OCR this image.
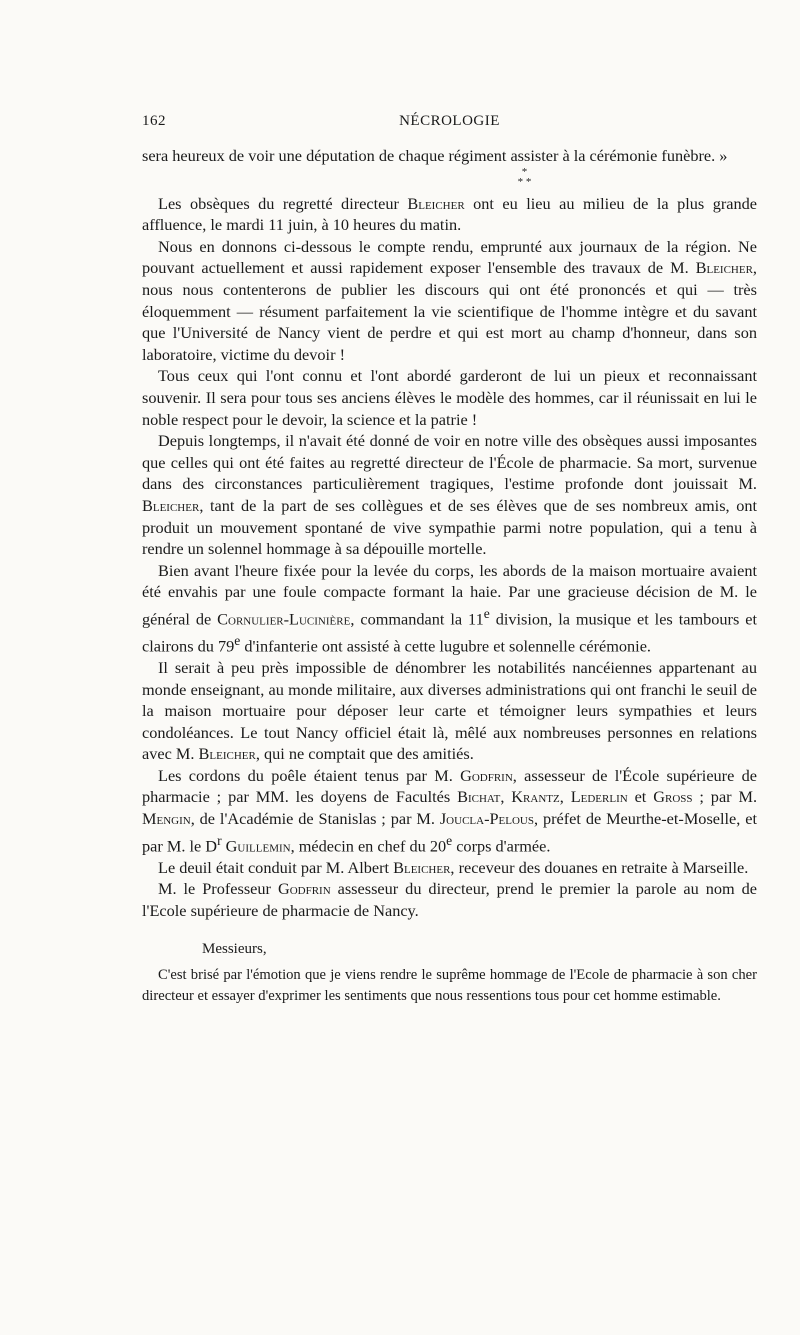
162	NÉCROLOGIE

sera heureux de voir une députation de chaque régiment assister à la cérémonie funèbre. »

*
* *

Les obsèques du regretté directeur Bleicher ont eu lieu au milieu de la plus grande affluence, le mardi 11 juin, à 10 heures du matin.

Nous en donnons ci-dessous le compte rendu, emprunté aux journaux de la région. Ne pouvant actuellement et aussi rapidement exposer l'ensemble des travaux de M. Bleicher, nous nous contenterons de publier les discours qui ont été prononcés et qui — très éloquemment — résument parfaitement la vie scientifique de l'homme intègre et du savant que l'Université de Nancy vient de perdre et qui est mort au champ d'honneur, dans son laboratoire, victime du devoir !

Tous ceux qui l'ont connu et l'ont abordé garderont de lui un pieux et reconnaissant souvenir. Il sera pour tous ses anciens élèves le modèle des hommes, car il réunissait en lui le noble respect pour le devoir, la science et la patrie !

Depuis longtemps, il n'avait été donné de voir en notre ville des obsèques aussi imposantes que celles qui ont été faites au regretté directeur de l'École de pharmacie. Sa mort, survenue dans des circonstances particulièrement tragiques, l'estime profonde dont jouissait M. Bleicher, tant de la part de ses collègues et de ses élèves que de ses nombreux amis, ont produit un mouvement spontané de vive sympathie parmi notre population, qui a tenu à rendre un solennel hommage à sa dépouille mortelle.

Bien avant l'heure fixée pour la levée du corps, les abords de la maison mortuaire avaient été envahis par une foule compacte formant la haie. Par une gracieuse décision de M. le général de Cornulier-Lucinière, commandant la 11e division, la musique et les tambours et clairons du 79e d'infanterie ont assisté à cette lugubre et solennelle cérémonie.

Il serait à peu près impossible de dénombrer les notabilités nancéiennes appartenant au monde enseignant, au monde militaire, aux diverses administrations qui ont franchi le seuil de la maison mortuaire pour déposer leur carte et témoigner leurs sympathies et leurs condoléances. Le tout Nancy officiel était là, mêlé aux nombreuses personnes en relations avec M. Bleicher, qui ne comptait que des amitiés.

Les cordons du poêle étaient tenus par M. Godfrin, assesseur de l'École supérieure de pharmacie ; par MM. les doyens de Facultés Bichat, Krantz, Lederlin et Gross ; par M. Mengin, de l'Académie de Stanislas ; par M. Joucla-Pelous, préfet de Meurthe-et-Moselle, et par M. le $D^r$ Guillemin, médecin en chef du 20e corps d'armée.

Le deuil était conduit par M. Albert Bleicher, receveur des douanes en retraite à Marseille.

M. le Professeur Godfrin assesseur du directeur, prend le premier la parole au nom de l'Ecole supérieure de pharmacie de Nancy.

Messieurs,

C'est brisé par l'émotion que je viens rendre le suprême hommage de l'Ecole de pharmacie à son cher directeur et essayer d'exprimer les sentiments que nous ressentions tous pour cet homme estimable.
